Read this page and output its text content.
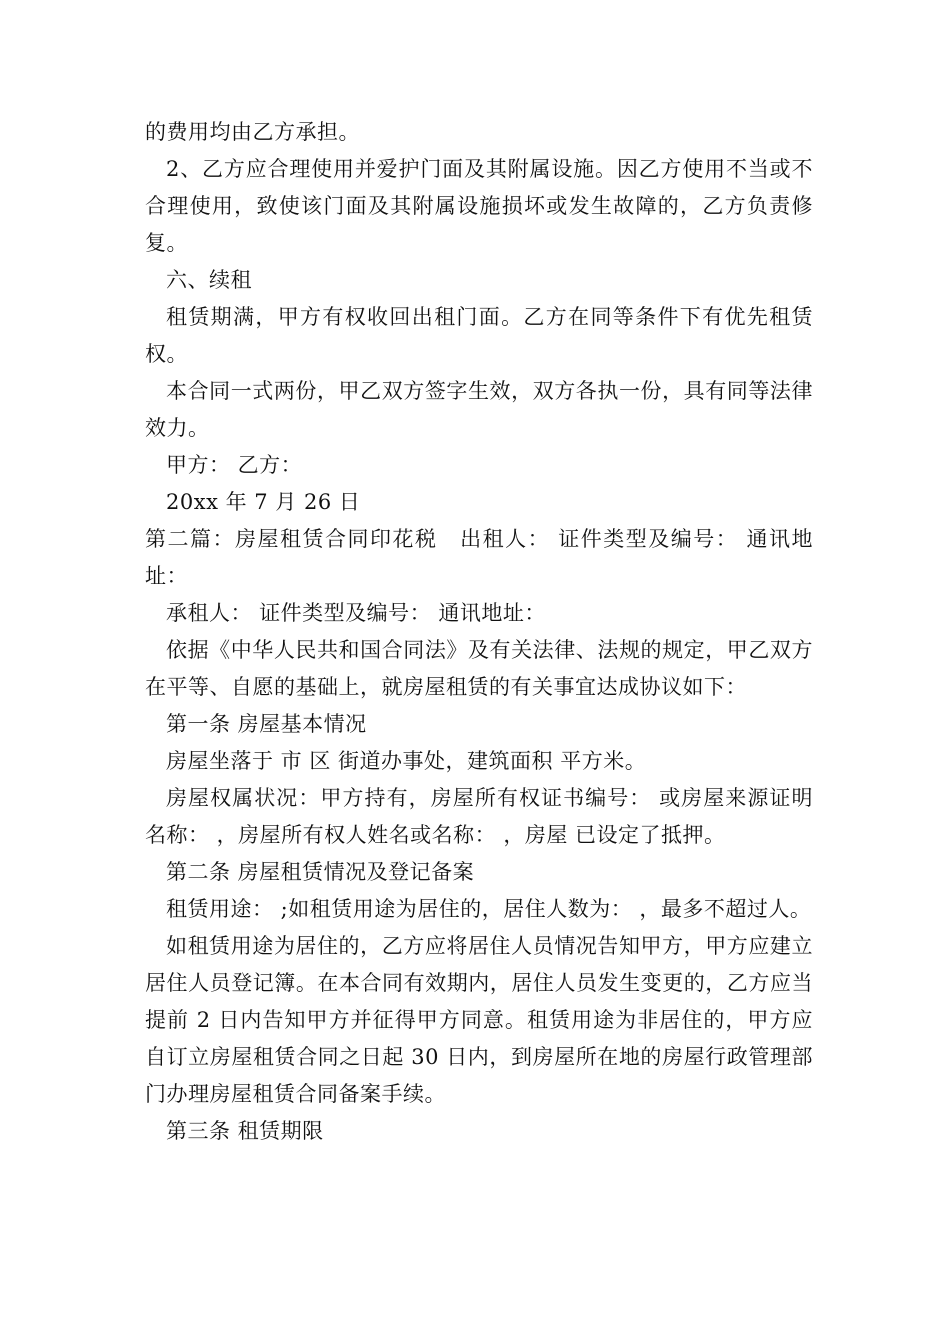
的费用均由乙方承担。

2、乙方应合理使用并爱护门面及其附属设施。因乙方使用不当或不合理使用，致使该门面及其附属设施损坏或发生故障的，乙方负责修复。

六、续租

租赁期满，甲方有权收回出租门面。乙方在同等条件下有优先租赁权。

本合同一式两份，甲乙双方签字生效，双方各执一份，具有同等法律效力。

甲方： 乙方：

20xx 年 7 月 26 日

第二篇：房屋租赁合同印花税　出租人： 证件类型及编号： 通讯地址：

承租人： 证件类型及编号： 通讯地址：

依据《中华人民共和国合同法》及有关法律、法规的规定，甲乙双方在平等、自愿的基础上，就房屋租赁的有关事宜达成协议如下：

第一条 房屋基本情况

房屋坐落于 市 区 街道办事处，建筑面积 平方米。

房屋权属状况：甲方持有，房屋所有权证书编号： 或房屋来源证明名称： ，房屋所有权人姓名或名称： ，房屋 已设定了抵押。

第二条 房屋租赁情况及登记备案

租赁用途： ;如租赁用途为居住的，居住人数为： ，最多不超过人。

如租赁用途为居住的，乙方应将居住人员情况告知甲方，甲方应建立居住人员登记簿。在本合同有效期内，居住人员发生变更的，乙方应当提前 2 日内告知甲方并征得甲方同意。租赁用途为非居住的，甲方应自订立房屋租赁合同之日起 30 日内，到房屋所在地的房屋行政管理部门办理房屋租赁合同备案手续。

第三条 租赁期限
